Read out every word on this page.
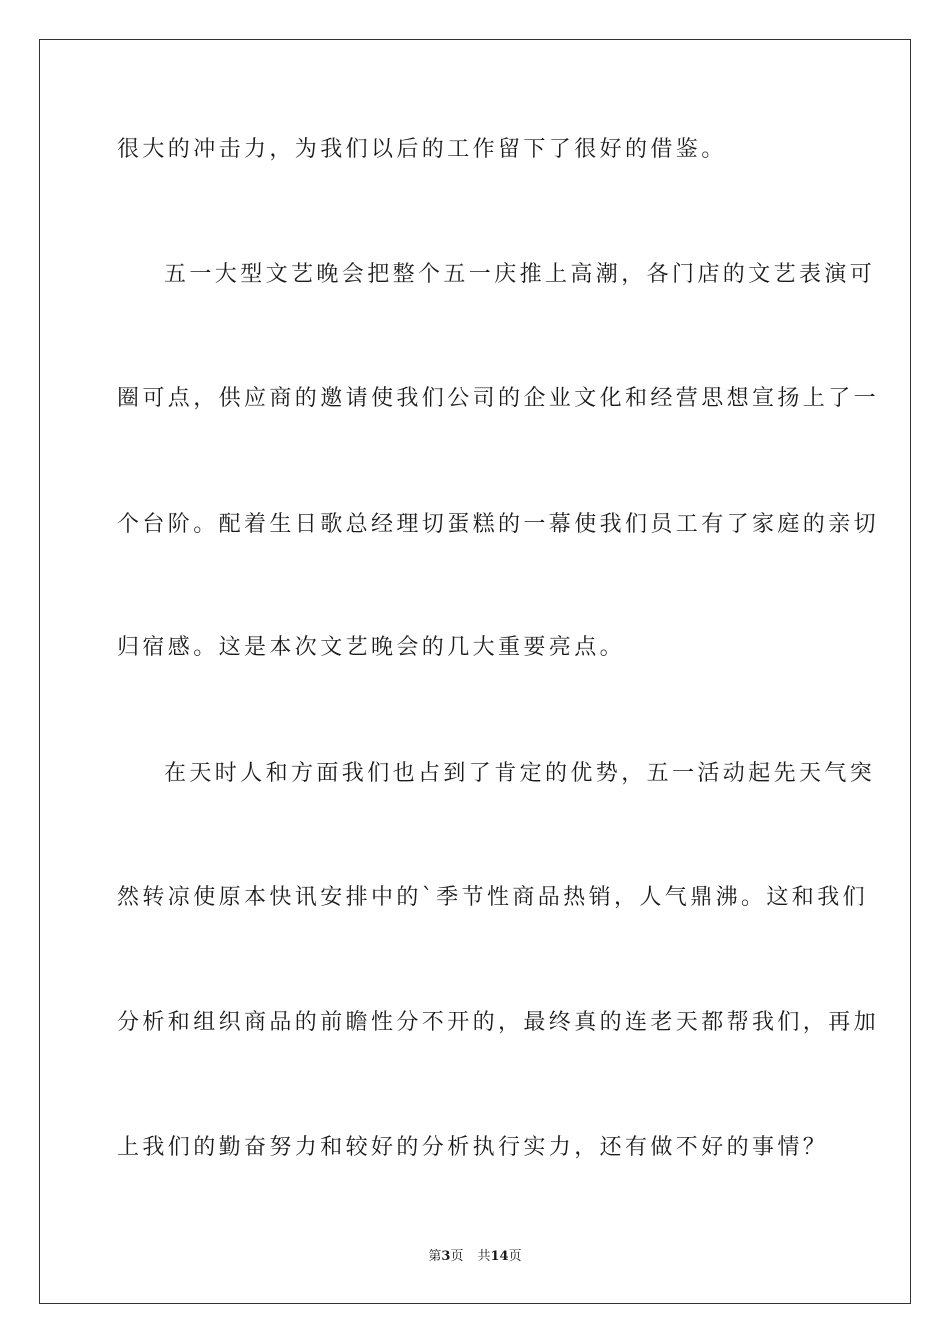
很大的冲击力，为我们以后的工作留下了很好的借鉴。
五一大型文艺晚会把整个五一庆推上高潮，各门店的文艺表演可
圈可点，供应商的邀请使我们公司的企业文化和经营思想宣扬上了一
个台阶。配着生日歌总经理切蛋糕的一幕使我们员工有了家庭的亲切
归宿感。这是本次文艺晚会的几大重要亮点。
在天时人和方面我们也占到了肯定的优势，五一活动起先天气突
然转凉使原本快讯安排中的`季节性商品热销，人气鼎沸。这和我们
分析和组织商品的前瞻性分不开的，最终真的连老天都帮我们，再加
上我们的勤奋努力和较好的分析执行实力，还有做不好的事情？
第3页 共14页
